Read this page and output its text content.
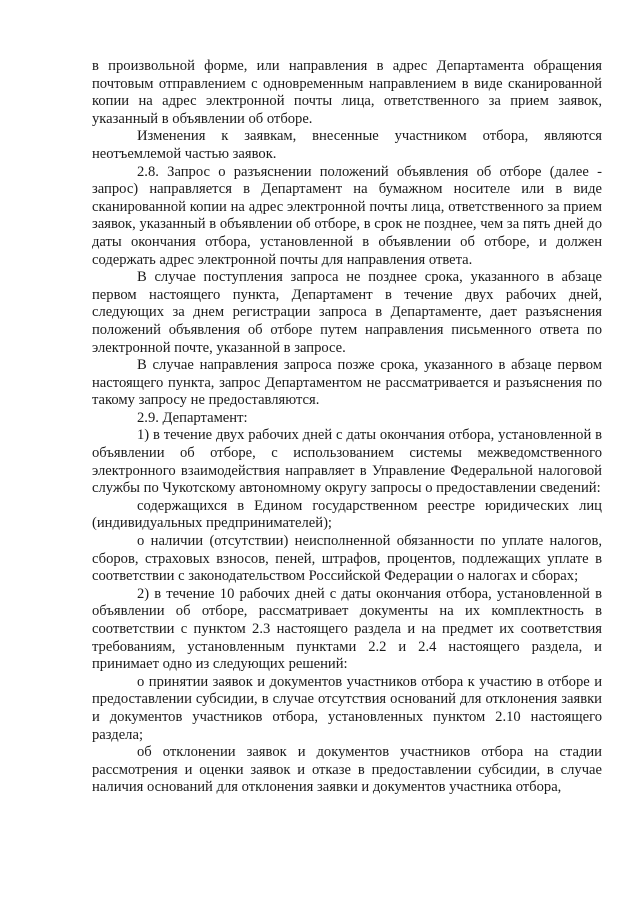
в произвольной форме, или направления в адрес Департамента обращения почтовым отправлением с одновременным направлением в виде сканированной копии на адрес электронной почты лица, ответственного за прием заявок, указанный в объявлении об отборе.

Изменения к заявкам, внесенные участником отбора, являются неотъемлемой частью заявок.

2.8. Запрос о разъяснении положений объявления об отборе (далее - запрос) направляется в Департамент на бумажном носителе или в виде сканированной копии на адрес электронной почты лица, ответственного за прием заявок, указанный в объявлении об отборе, в срок не позднее, чем за пять дней до даты окончания отбора, установленной в объявлении об отборе, и должен содержать адрес электронной почты для направления ответа.

В случае поступления запроса не позднее срока, указанного в абзаце первом настоящего пункта, Департамент в течение двух рабочих дней, следующих за днем регистрации запроса в Департаменте, дает разъяснения положений объявления об отборе путем направления письменного ответа по электронной почте, указанной в запросе.

В случае направления запроса позже срока, указанного в абзаце первом настоящего пункта, запрос Департаментом не рассматривается и разъяснения по такому запросу не предоставляются.

2.9. Департамент:

1) в течение двух рабочих дней с даты окончания отбора, установленной в объявлении об отборе, с использованием системы межведомственного электронного взаимодействия направляет в Управление Федеральной налоговой службы по Чукотскому автономному округу запросы о предоставлении сведений:

содержащихся в Едином государственном реестре юридических лиц (индивидуальных предпринимателей);

о наличии (отсутствии) неисполненной обязанности по уплате налогов, сборов, страховых взносов, пеней, штрафов, процентов, подлежащих уплате в соответствии с законодательством Российской Федерации о налогах и сборах;

2) в течение 10 рабочих дней с даты окончания отбора, установленной в объявлении об отборе, рассматривает документы на их комплектность в соответствии с пунктом 2.3 настоящего раздела и на предмет их соответствия требованиям, установленным пунктами 2.2 и 2.4 настоящего раздела, и принимает одно из следующих решений:

о принятии заявок и документов участников отбора к участию в отборе и предоставлении субсидии, в случае отсутствия оснований для отклонения заявки и документов участников отбора, установленных пунктом 2.10 настоящего раздела;

об отклонении заявок и документов участников отбора на стадии рассмотрения и оценки заявок и отказе в предоставлении субсидии, в случае наличия оснований для отклонения заявки и документов участника отбора,
